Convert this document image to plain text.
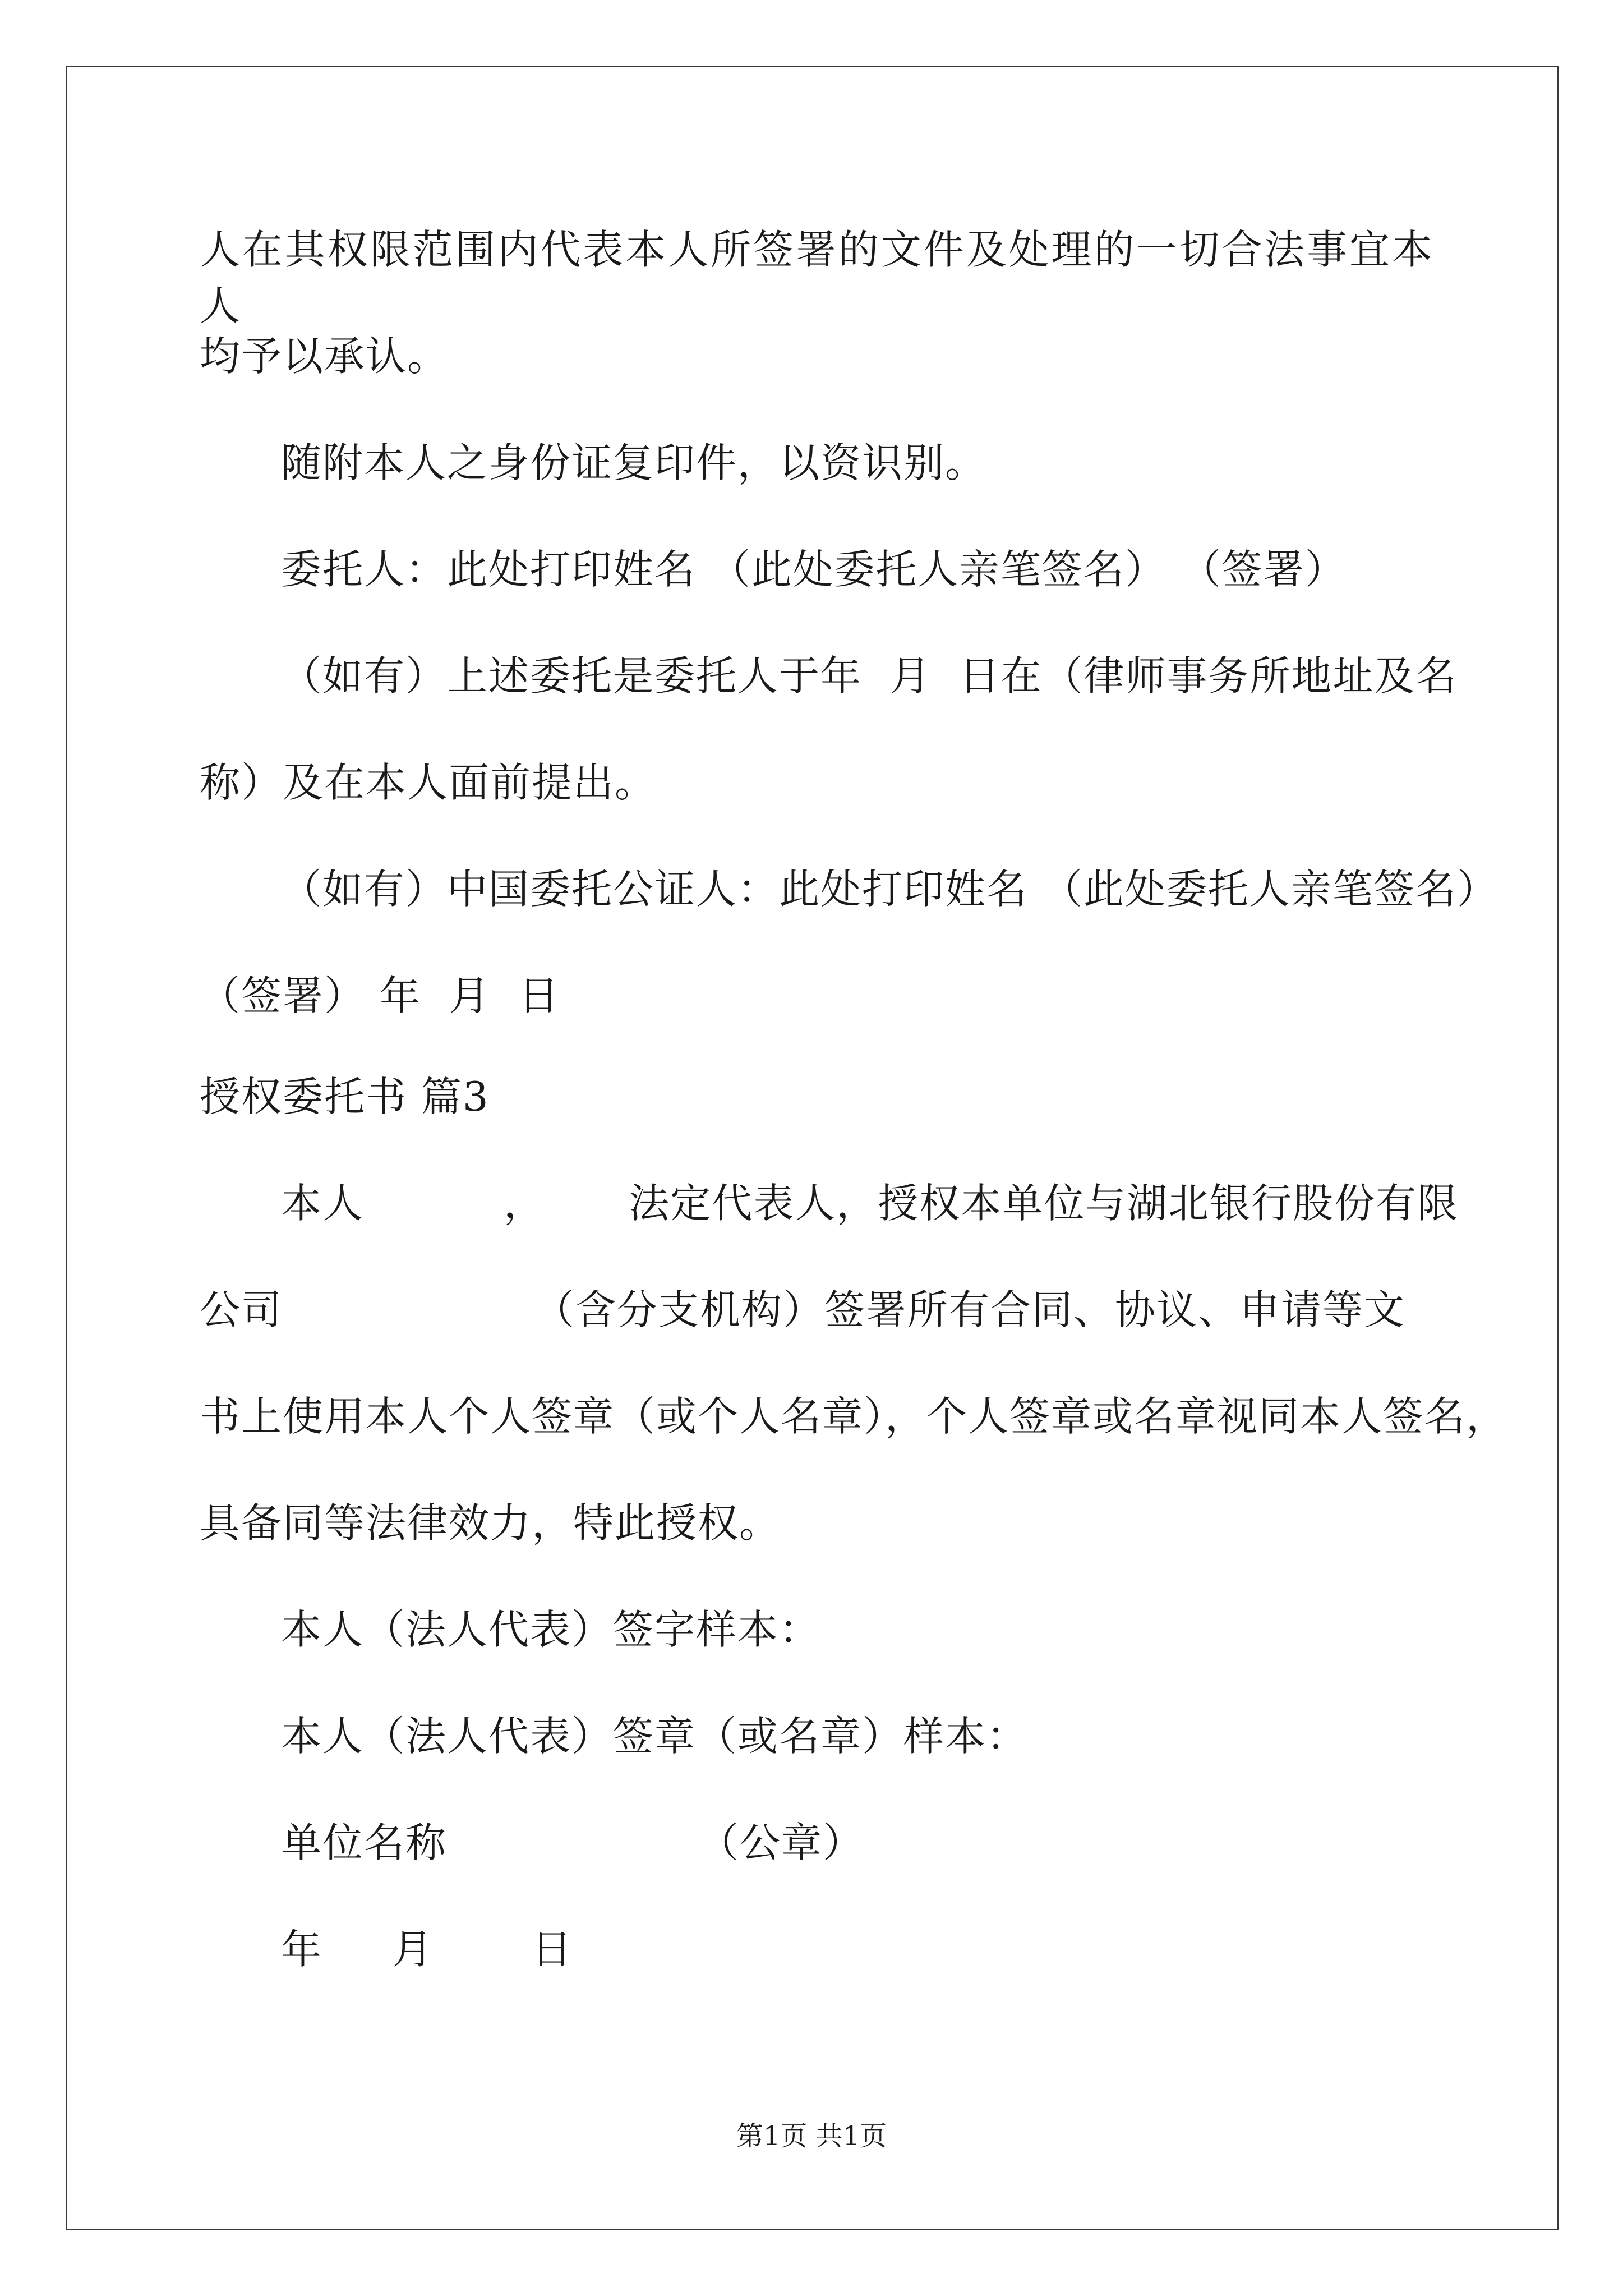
人在其权限范围内代表本人所签署的文件及处理的一切合法事宜本人
均予以承认。
随附本人之身份证复印件，以资识别。
委托人：此处打印姓名 （此处委托人亲笔签名） （签署）
（如有）上述委托是委托人于年  月  日在（律师事务所地址及名
称）及在本人面前提出。
（如有）中国委托公证人：此处打印姓名 （此处委托人亲笔签名）
（签署） 年  月  日
授权委托书 篇3
本人          ，      法定代表人，授权本单位与湖北银行股份有限
公司                  （含分支机构）签署所有合同、协议、申请等文
书上使用本人个人签章（或个人名章），个人签章或名章视同本人签名，
具备同等法律效力，特此授权。
本人（法人代表）签字样本：
本人（法人代表）签章（或名章）样本：
单位名称                  （公章）
年     月       日
第1页 共1页
